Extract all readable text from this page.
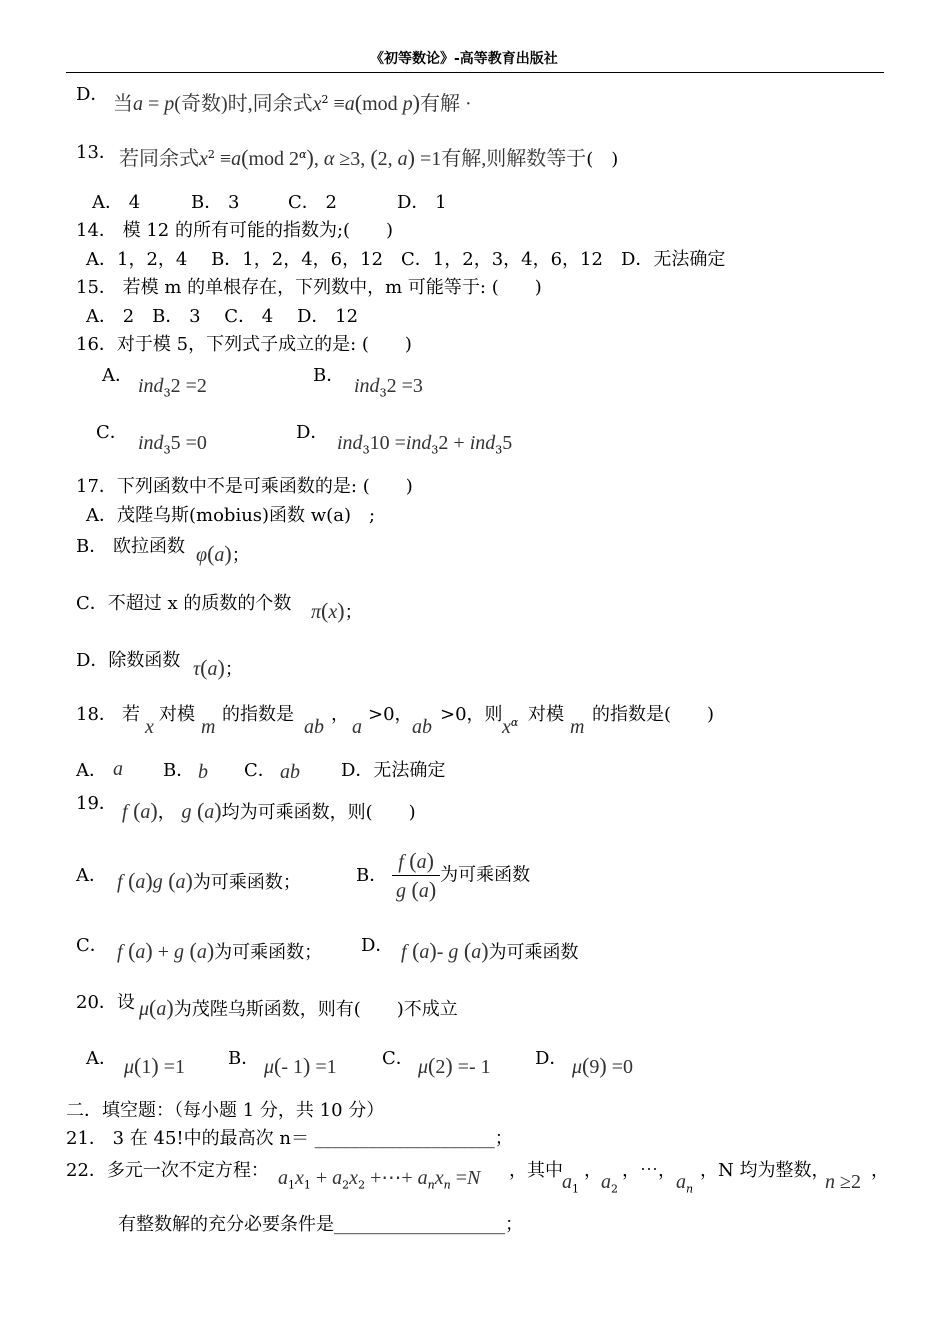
《初等数论》-高等教育出版社
D． 当a = p(奇数)时,同余式$x^2 \equiv a(mod$ p)有解 ·
13． 若同余式$x^2 \equiv a(mod$ $2^\alpha$), α ≥3, (2, a) =1有解,则解数等于(　)
A． 4	B． 3	C． 2	D． 1
14． 模 12 的所有可能的指数为;(　　)
A．1，2，4　 B．1，2，4，6，12　C．1，2，3，4，6，12　D．无法确定
15． 若模 m 的单根存在，下列数中，m 可能等于: (　　)
A． 2　B． 3　 C． 4　 D． 12
16．对于模 5，下列式子成立的是: (　　)
A． ind$_3$2 =2	B． ind$_3$2 =3
C． ind$_3$5 =0	D． ind$_3$10 =ind$_3$2 + ind$_3$5
17．下列函数中不是可乘函数的是: (　　)
A．茂陛乌斯(mobius)函数 w(a)　;
B． 欧拉函数 φ(a)；
C．不超过 x 的质数的个数 π(x)；
D．除数函数 τ(a)；
18． 若
x
对模
m
的指数是
ab
，
a
>0，
ab
>0，则
$x^\alpha$ 对模
m
的指数是(　　)
A． a B． b C． ab D．无法确定
19． f (a)， g (a)均为可乘函数，则(　　)
A． f (a)g (a)为可乘函数；	B． $\frac{f (a)}{g (a)}$ 为可乘函数
C． f (a) + g (a)为可乘函数； D． f (a)- g (a)为可乘函数
20．设 μ(a)为茂陛乌斯函数，则有(　　)不成立
A． μ(1) =1 B． μ(- 1) =1	C． μ(2) =- 1 D． μ(9) =0
二．填空题：（每小题 1 分，共 10 分）
21． 3 在 45!中的最高次 n＝ ____________________；
22．多元一次不定方程： $a_1x_1 + a_2x_2$ +⋯+ $a_nx_n =N$ ，其中
$a_1$
，
$a_2$
，⋯，
$a_n$
，N 均为整数，
n ≥2
，
有整数解的充分必要条件是___________________；
